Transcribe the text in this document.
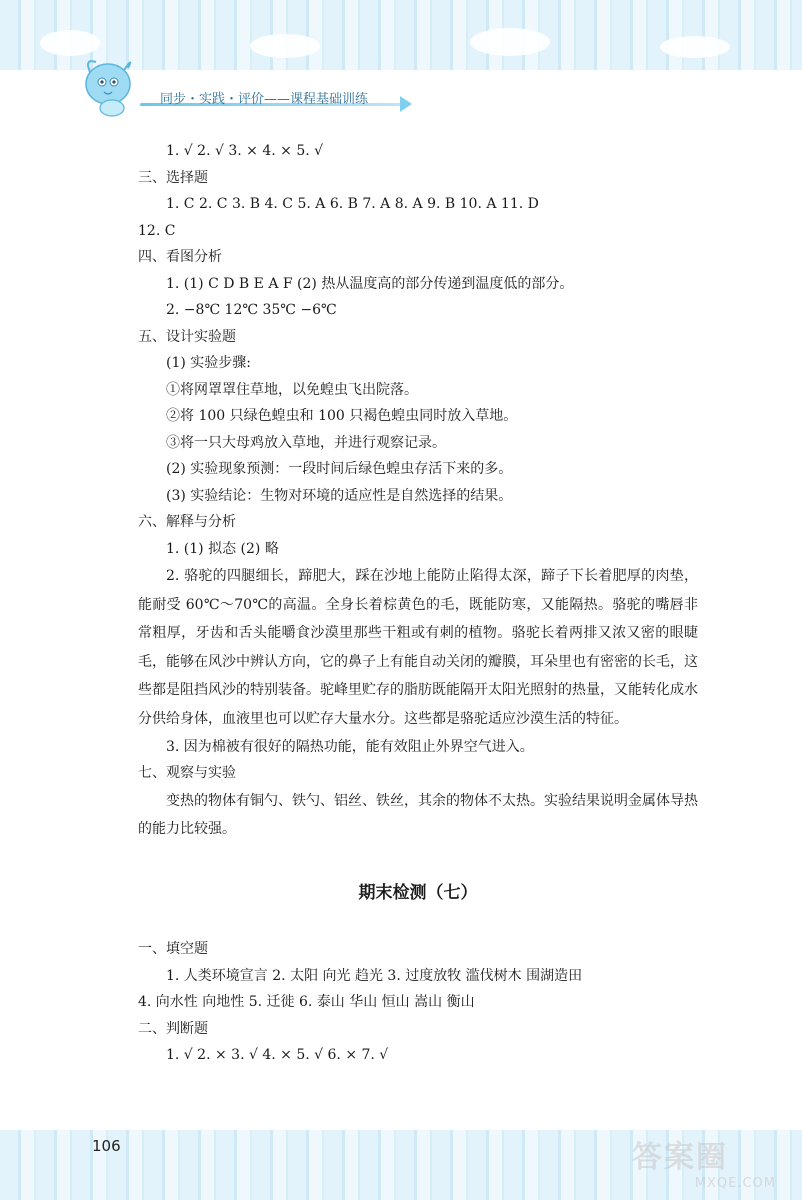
同步・实践・评价——课程基础训练
1. √ 2. √ 3. × 4. × 5. √
三、选择题
1. C 2. C 3. B 4. C 5. A 6. B 7. A 8. A 9. B 10. A 11. D
12. C
四、看图分析
1. (1) C D B E A F (2) 热从温度高的部分传递到温度低的部分。
2. −8℃ 12℃ 35℃ −6℃
五、设计实验题
(1) 实验步骤:
①将网罩罩住草地，以免蝗虫飞出院落。
②将 100 只绿色蝗虫和 100 只褐色蝗虫同时放入草地。
③将一只大母鸡放入草地，并进行观察记录。
(2) 实验现象预测：一段时间后绿色蝗虫存活下来的多。
(3) 实验结论：生物对环境的适应性是自然选择的结果。
六、解释与分析
1. (1) 拟态 (2) 略
2. 骆驼的四腿细长，蹄肥大，踩在沙地上能防止陷得太深，蹄子下长着肥厚的肉垫，能耐受 60℃～70℃的高温。全身长着棕黄色的毛，既能防寒，又能隔热。骆驼的嘴唇非常粗厚，牙齿和舌头能嚼食沙漠里那些干粗或有刺的植物。骆驼长着两排又浓又密的眼睫毛，能够在风沙中辨认方向，它的鼻子上有能自动关闭的瓣膜，耳朵里也有密密的长毛，这些都是阻挡风沙的特别装备。驼峰里贮存的脂肪既能隔开太阳光照射的热量，又能转化成水分供给身体，血液里也可以贮存大量水分。这些都是骆驼适应沙漠生活的特征。
3. 因为棉被有很好的隔热功能，能有效阻止外界空气进入。
七、观察与实验
变热的物体有铜勺、铁勺、铝丝、铁丝，其余的物体不太热。实验结果说明金属体导热的能力比较强。
期末检测（七）
一、填空题
1. 人类环境宣言 2. 太阳 向光 趋光 3. 过度放牧 滥伐树木 围湖造田
4. 向水性 向地性 5. 迁徙 6. 泰山 华山 恒山 嵩山 衡山
二、判断题
1. √ 2. × 3. √ 4. × 5. √ 6. × 7. √
106	答案圈
MXQE.COM
